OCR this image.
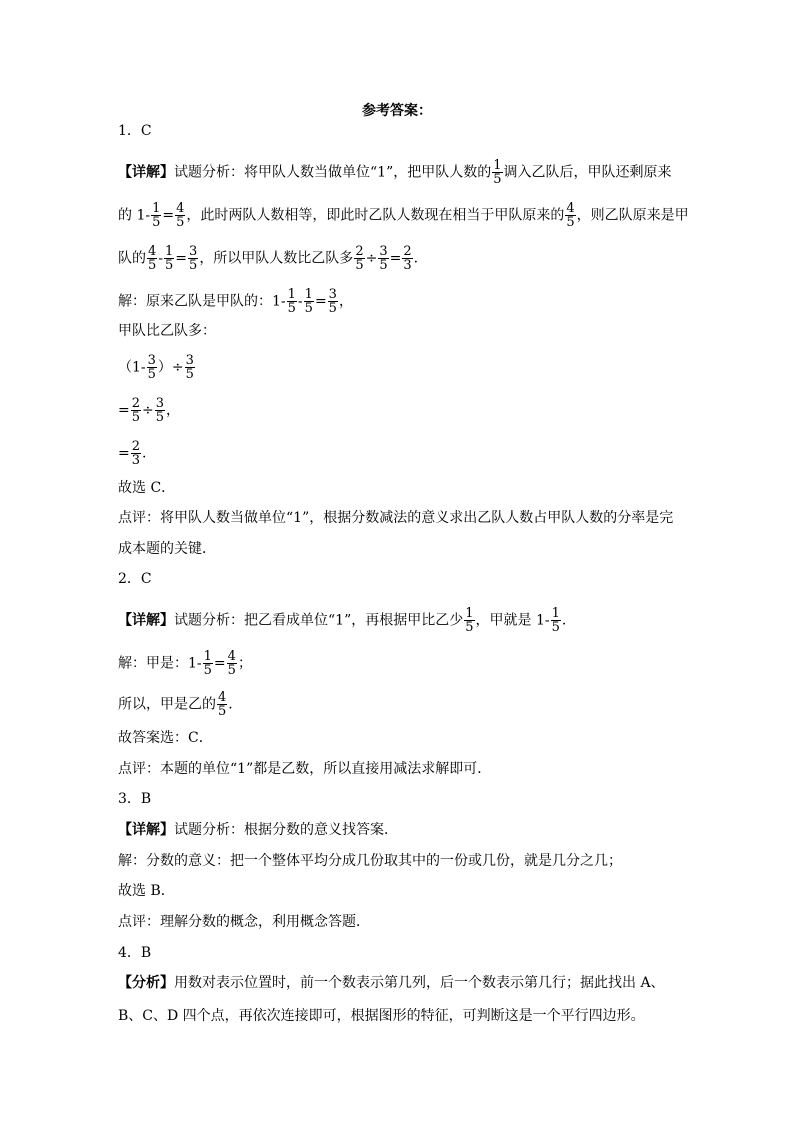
参考答案：
1．C
【详解】试题分析：将甲队人数当做单位“1”，把甲队人数的 $\frac{1}{5}$ 调入乙队后，甲队还剩原来
的 $1- \frac{1}{5} = \frac{4}{5}$ ，此时两队人数相等，即此时乙队人数现在相当于甲队原来的 $\frac{4}{5}$ ，则乙队原来是甲
队的 $\frac{4}{5} - \frac{1}{5} = \frac{3}{5}$ ，所以甲队人数比乙队多 $\frac{2}{5} \div \frac{3}{5} = \frac{2}{3}$ .
解：原来乙队是甲队的：$1- \frac{1}{5} - \frac{1}{5} = \frac{3}{5}$ ，
甲队比乙队多：
（$1- \frac{3}{5}$ ）÷ $\frac{3}{5}$
= $\frac{2}{5} \div \frac{3}{5}$ ，
= $\frac{2}{3}$ .
故选 C．
点评：将甲队人数当做单位“1”，根据分数减法的意义求出乙队人数占甲队人数的分率是完
成本题的关键．
2．C
【详解】试题分析：把乙看成单位“1”，再根据甲比乙少 $\frac{1}{5}$ ，甲就是 $1- \frac{1}{5}$ .
解：甲是：$1- \frac{1}{5} = \frac{4}{5}$ ；
所以，甲是乙的 $\frac{4}{5}$ .
故答案选：C．
点评：本题的单位“1”都是乙数，所以直接用减法求解即可．
3．B
【详解】试题分析：根据分数的意义找答案．
解：分数的意义：把一个整体平均分成几份取其中的一份或几份，就是几分之几；
故选 B．
点评：理解分数的概念，利用概念答题．
4．B
【分析】用数对表示位置时，前一个数表示第几列，后一个数表示第几行；据此找出 A、
B、C、D 四个点，再依次连接即可，根据图形的特征，可判断这是一个平行四边形。
